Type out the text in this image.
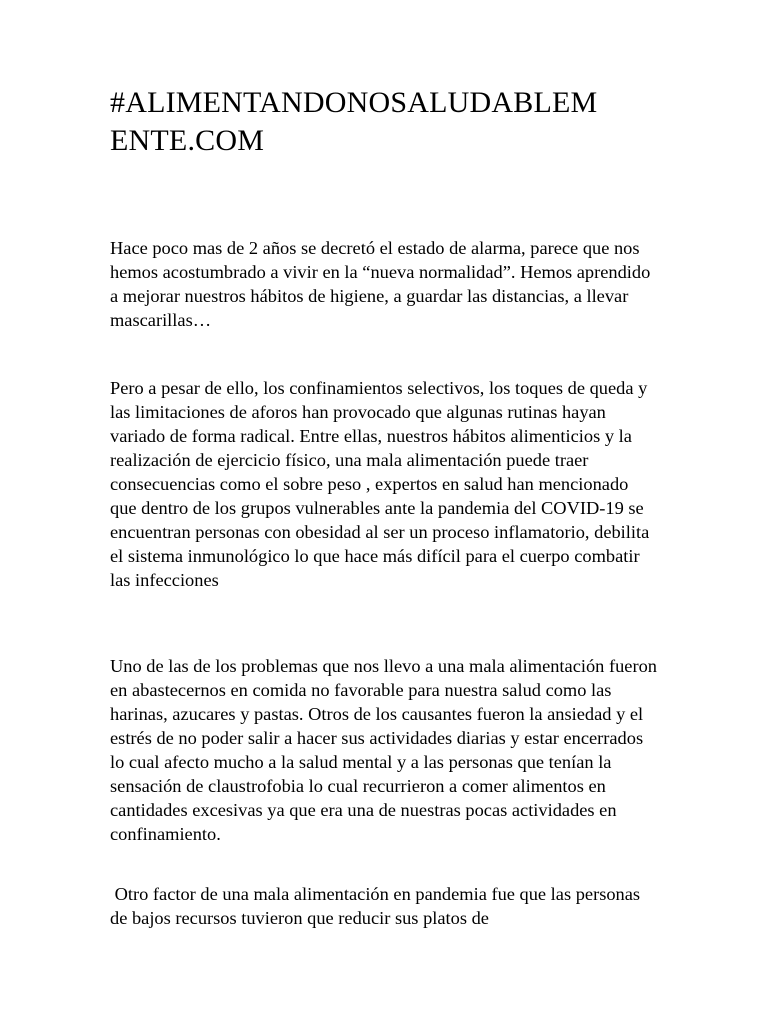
#ALIMENTANDONOSALUDABLEM
ENTE.COM

Hace poco mas de 2 años se decretó el estado de alarma, parece que nos hemos acostumbrado a vivir en la “nueva normalidad”. Hemos aprendido a mejorar nuestros hábitos de higiene, a guardar las distancias, a llevar mascarillas…

Pero a pesar de ello, los confinamientos selectivos, los toques de queda y las limitaciones de aforos han provocado que algunas rutinas hayan variado de forma radical. Entre ellas, nuestros hábitos alimenticios y la realización de ejercicio físico, una mala alimentación puede traer consecuencias como el sobre peso , expertos en salud han mencionado que dentro de los grupos vulnerables ante la pandemia del COVID-19 se encuentran personas con obesidad al ser un proceso inflamatorio, debilita el sistema inmunológico lo que hace más difícil para el cuerpo combatir las infecciones

Uno de las de los problemas que nos llevo a una mala alimentación fueron en abastecernos en comida no favorable para nuestra salud como las harinas, azucares y pastas. Otros de los causantes fueron la ansiedad y el estrés de no poder salir a hacer sus actividades diarias y estar encerrados lo cual afecto mucho a la salud mental y a las personas que tenían la sensación de claustrofobia lo cual recurrieron a comer alimentos en cantidades excesivas ya que era una de nuestras pocas actividades en confinamiento.

Otro factor de una mala alimentación en pandemia fue que las personas de bajos recursos tuvieron que reducir sus platos de
